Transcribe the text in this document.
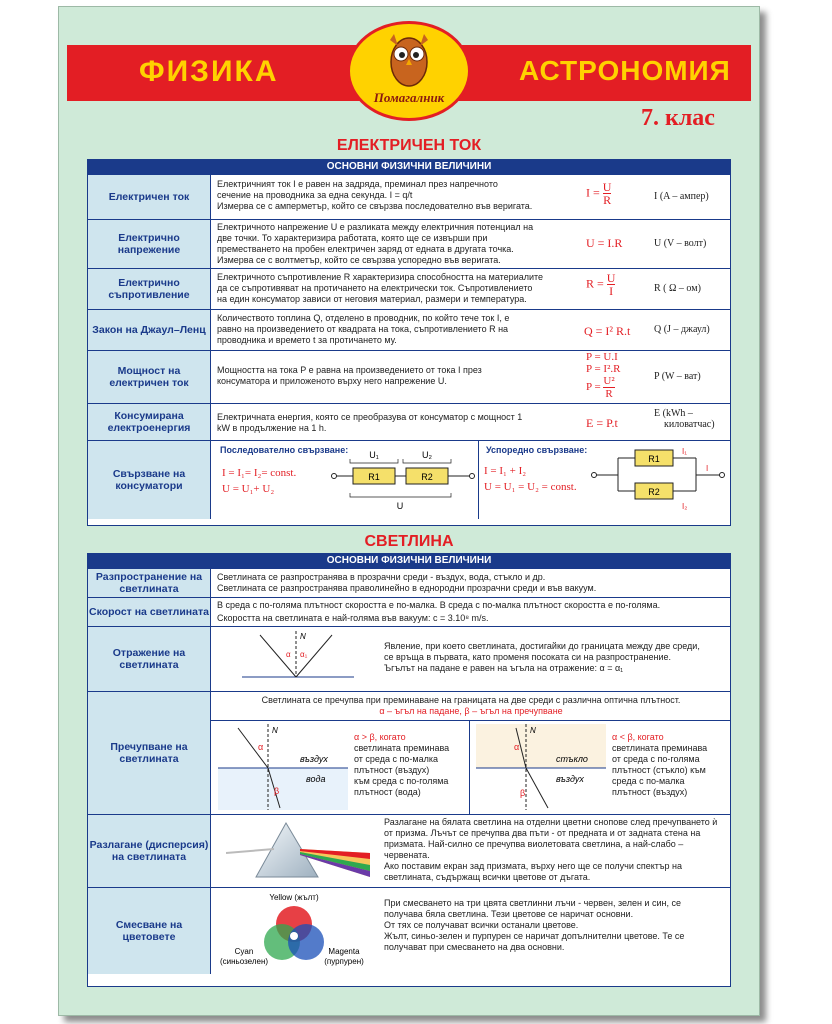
ФИЗИКА	АСТРОНОМИЯ
Помагалник
7. клас
ЕЛЕКТРИЧЕН ТОК
ОСНОВНИ ФИЗИЧНИ ВЕЛИЧИНИ
Електричен ток
Електричният ток I е равен на задряда, преминал през напречното
сечение на проводника за една секунда. I = q/t
Измерва се с амперметър, който се свързва последователно във веригата.
$I = \frac{U}{R}$	I (A – ампер)
Електрично напрежение
Електричното напрежение U е разликата между електричния потенциал на
две точки. То характеризира работата, която ще се извърши при
преместването на пробен електричен заряд от едната в другата точка.
Измерва се с волтметър, който се свързва успоредно във веригата.
U = I.R	U (V – волт)
Електрично съпротивление
Електричното съпротивление R характеризира способността на материалите
да се съпротивяват на протичането на електрически ток. Съпротивлението
на един консуматор зависи от неговия материал, размери и температура.
$R = \frac{U}{I}$	R ( Ω – ом)
Закон на Джаул–Ленц
Количеството топлина Q, отделено в проводник, по който тече ток I, е
равно на произведението от квадрата на тока, съпротивлението R на
проводника и времето t за протичането му.
Q = I² R.t Q (J – джаул)
Мощност на електричен ток
Мощността на тока P е равна на произведението от тока I през
консуматора и приложеното върху него напрежение U.
P = U.I
P = I².R
$P = \frac{\text{U²}}{R}$	P (W – ват)
Консумирана електроенергия
Електричната енергия, която се преобразува от консуматор с мощност 1
kW в продължение на 1 h.	E = P.t
E (kWh –
киловатчас)
Свързване на консуматори
Последователно свързване:
I = I₁= I₂= const.
U = U₁+ U₂
R1	R2
U₁	U₂
U
Успоредно свързване:
I = I₁ + I₂
U = U₁ = U₂ = const.
R1
R2
I₁
I
I₂
СВЕТЛИНА
ОСНОВНИ ФИЗИЧНИ ВЕЛИЧИНИ
Разпространение на светлината
Светлината се разпространява в прозрачни среди - въздух, вода, стъкло и др.
Светлината се разпространява праволинейно в еднородни прозрачни среди и във вакуум.
Скорост на светлината
В среда с по-голяма плътност скоростта е по-малка. В среда с по-малка плътност скоростта е по-голяма.
Скоростта на светлината е най-голяма във вакуум: c = 3.10⁸ m/s.
Отражение на светлината
N
α α₁
Явление, при което светлината, достигайки до границата между две среди,
се връща в първата, като променя посоката си на разпространение.
Ъгълът на падане е равен на ъгъла на отражение: α = α₁
Пречупване на светлината
Светлината се пречупва при преминаване на границата на две среди с различна оптична плътност.
α – ъгъл на падане, β – ъгъл на пречупване
N
α
β
въздух
вода
α > β, когато
светлината преминава
от среда с по-малка
плътност (въздух)
към среда с по-голяма
плътност (вода)
N
α
β
стъкло
въздух
α < β, когато
светлината преминава
от среда с по-голяма
плътност (стъкло) към
среда с по-малка
плътност (въздух)
Разлагане (дисперсия) на светлината
Разлагане на бялата светлина на отделни цветни снопове след пречупването ѝ
от призма. Лъчът се пречупва два пъти - от предната и от задната стена на
призмата. Най-силно се пречупва виолетовата светлина, а най-слабо –
червената.
Ако поставим екран зад призмата, върху него ще се получи спектър на
светлината, съдържащ всички цветове от дъгата.
Смесване на цветовете
Yellow (жълт)
Cyan
(синьозелен)
Magenta
(пурпурен)
При смесването на три цвята светлинни лъчи - червен, зелен и син, се
получава бяла светлина. Тези цветове се наричат основни.
От тях се получават всички останали цветове.
Жълт, синьо-зелен и пурпурен се наричат допълнителни цветове. Те се
получават при смесването на два основни.
